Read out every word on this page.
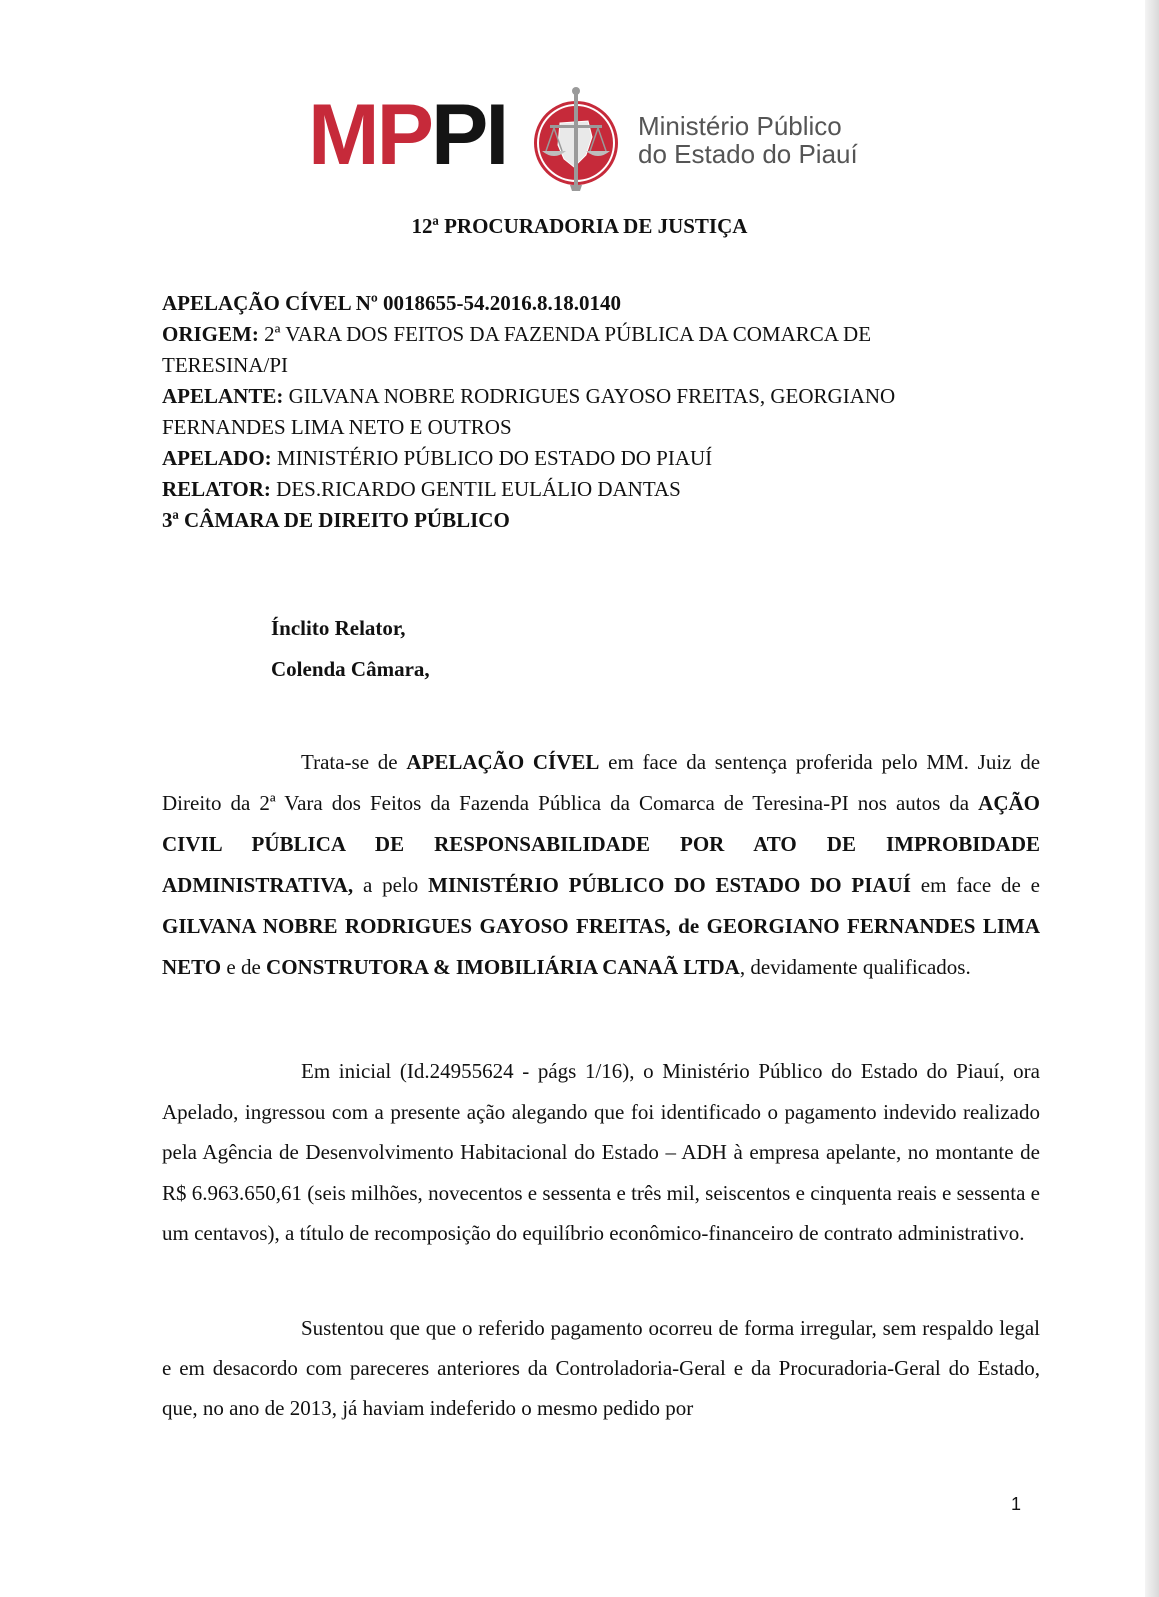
MPPI	Ministério Público
do Estado do Piauí
12ª PROCURADORIA DE JUSTIÇA
APELAÇÃO CÍVEL Nº 0018655-54.2016.8.18.0140
ORIGEM: 2ª VARA DOS FEITOS DA FAZENDA PÚBLICA DA COMARCA DE
TERESINA/PI
APELANTE: GILVANA NOBRE RODRIGUES GAYOSO FREITAS, GEORGIANO
FERNANDES LIMA NETO E OUTROS
APELADO: MINISTÉRIO PÚBLICO DO ESTADO DO PIAUÍ
RELATOR: DES.RICARDO GENTIL EULÁLIO DANTAS
3ª CÂMARA DE DIREITO PÚBLICO
Ínclito Relator,
Colenda Câmara,
Trata-se de APELAÇÃO CÍVEL em face da sentença proferida pelo MM. Juiz de Direito da 2ª Vara dos Feitos da Fazenda Pública da Comarca de Teresina-PI nos autos da AÇÃO CIVIL PÚBLICA DE RESPONSABILIDADE POR ATO DE IMPROBIDADE ADMINISTRATIVA, a pelo MINISTÉRIO PÚBLICO DO ESTADO DO PIAUÍ em face de e GILVANA NOBRE RODRIGUES GAYOSO FREITAS, de GEORGIANO FERNANDES LIMA NETO e de CONSTRUTORA & IMOBILIÁRIA CANAÃ LTDA, devidamente qualificados.
Em inicial (Id.24955624 - págs 1/16), o Ministério Público do Estado do Piauí, ora Apelado, ingressou com a presente ação alegando que foi identificado o pagamento indevido realizado pela Agência de Desenvolvimento Habitacional do Estado – ADH à empresa apelante, no montante de R$ 6.963.650,61 (seis milhões, novecentos e sessenta e três mil, seiscentos e cinquenta reais e sessenta e um centavos), a título de recomposição do equilíbrio econômico-financeiro de contrato administrativo.
Sustentou que que o referido pagamento ocorreu de forma irregular, sem respaldo legal e em desacordo com pareceres anteriores da Controladoria-Geral e da Procuradoria-Geral do Estado, que, no ano de 2013, já haviam indeferido o mesmo pedido por
1
